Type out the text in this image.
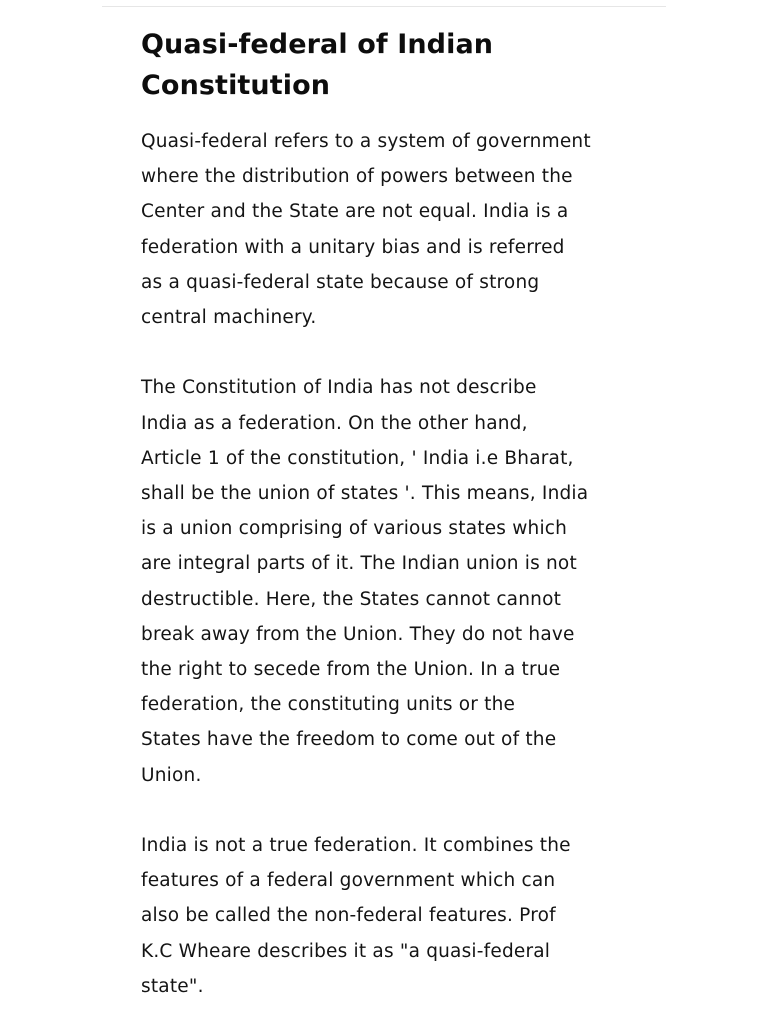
Quasi-federal of Indian
Constitution

Quasi-federal refers to a system of government
where the distribution of powers between the
Center and the State are not equal. India is a
federation with a unitary bias and is referred
as a quasi-federal state because of strong
central machinery.

The Constitution of India has not describe
India as a federation. On the other hand,
Article 1 of the constitution, ' India i.e Bharat,
shall be the union of states '. This means, India
is a union comprising of various states which
are integral parts of it. The Indian union is not
destructible. Here, the States cannot cannot
break away from the Union. They do not have
the right to secede from the Union. In a true
federation, the constituting units or the
States have the freedom to come out of the
Union.

India is not a true federation. It combines the
features of a federal government which can
also be called the non-federal features. Prof
K.C Wheare describes it as "a quasi-federal
state".
